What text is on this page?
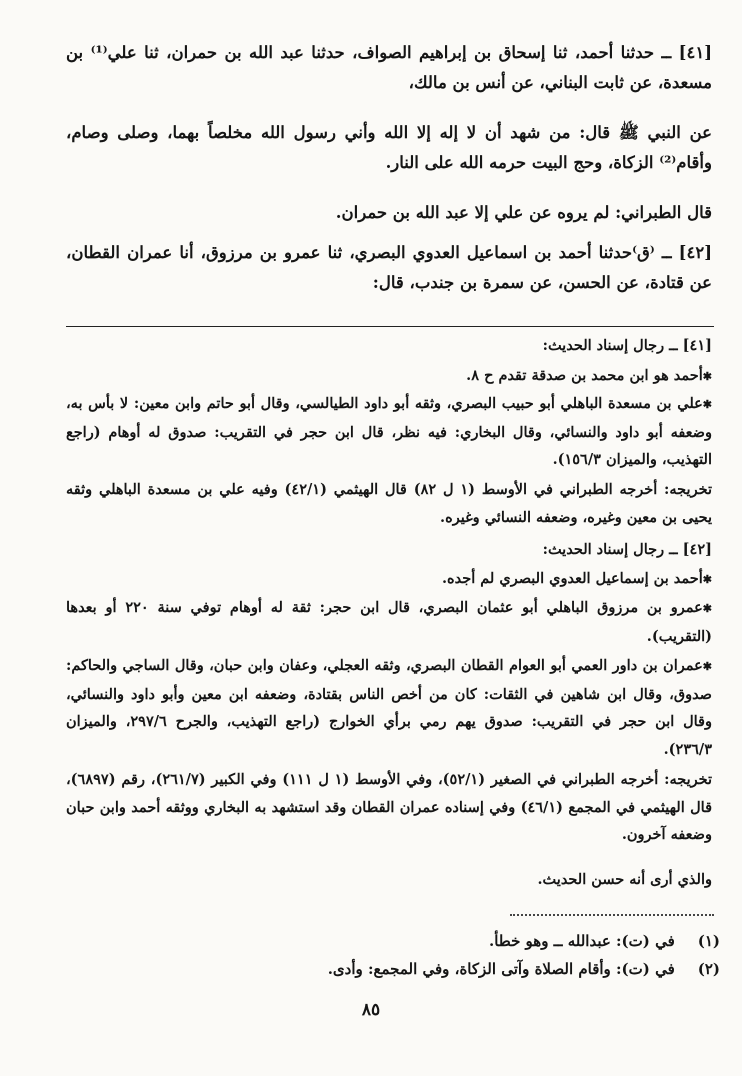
[٤١] ــ حدثنا أحمد، ثنا إسحاق بن إبراهيم الصواف، حدثنا عبد الله بن حمران، ثنا علي⁽¹⁾ بن مسعدة، عن ثابت البناني، عن أنس بن مالك،

عن النبي ﷺ قال: من شهد أن لا إله إلا الله وأني رسول الله مخلصاً بهما، وصلى وصام، وأقام⁽²⁾ الزكاة، وحج البيت حرمه الله على النار.

قال الطبراني: لم يروه عن علي إلا عبد الله بن حمران.

[٤٢] ــ ⁽ق⁾حدثنا أحمد بن اسماعيل العدوي البصري، ثنا عمرو بن مرزوق، أنا عمران القطان، عن قتادة، عن الحسن، عن سمرة بن جندب، قال:

[٤١] ــ رجال إسناد الحديث:

✱ أحمد هو ابن محمد بن صدقة تقدم ح ٨.

✱ علي بن مسعدة الباهلي أبو حبيب البصري، وثقه أبو داود الطيالسي، وقال أبو حاتم وابن معين: لا بأس به، وضعفه أبو داود والنسائي، وقال البخاري: فيه نظر، قال ابن حجر في التقريب: صدوق له أوهام (راجع التهذيب، والميزان ١٥٦/٣).

تخريجه: أخرجه الطبراني في الأوسط (١ ل ٨٢) قال الهيثمي (٤٢/١) وفيه علي بن مسعدة الباهلي وثقه يحيى بن معين وغيره، وضعفه النسائي وغيره.

[٤٢] ــ رجال إسناد الحديث:

✱ أحمد بن إسماعيل العدوي البصري لم أجده.

✱ عمرو بن مرزوق الباهلي أبو عثمان البصري، قال ابن حجر: ثقة له أوهام توفي سنة ٢٢٠ أو بعدها (التقريب).

✱ عمران بن داور العمي أبو العوام القطان البصري، وثقه العجلي، وعفان وابن حبان، وقال الساجي والحاكم: صدوق، وقال ابن شاهين في الثقات: كان من أخص الناس بقتادة، وضعفه ابن معين وأبو داود والنسائي، وقال ابن حجر في التقريب: صدوق يهم رمي برأي الخوارج (راجع التهذيب، والجرح ٢٩٧/٦، والميزان ٢٣٦/٣).

تخريجه: أخرجه الطبراني في الصغير (٥٢/١)، وفي الأوسط (١ ل ١١١) وفي الكبير (٢٦١/٧)، رقم (٦٨٩٧)، قال الهيثمي في المجمع (٤٦/١) وفي إسناده عمران القطان وقد استشهد به البخاري ووثقه أحمد وابن حبان وضعفه آخرون.

والذي أرى أنه حسن الحديث.

(١) في (ت): عبدالله ــ وهو خطأ.
(٢) في (ت): وأقام الصلاة وآتى الزكاة، وفي المجمع: وأدى.
٨٥
